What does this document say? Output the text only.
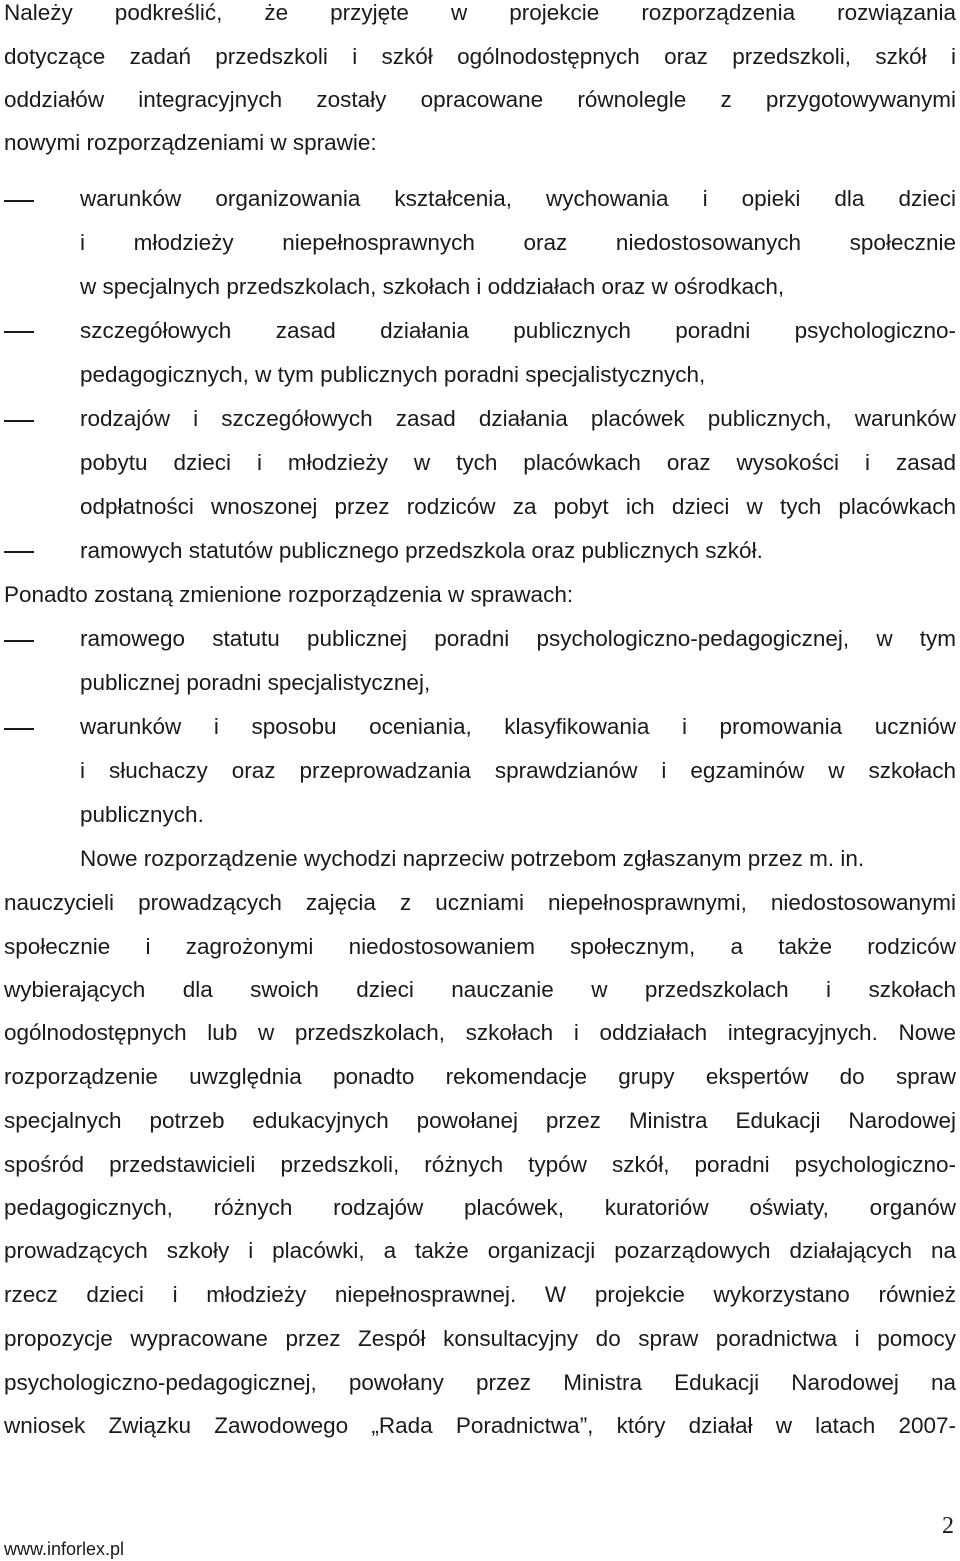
Należy podkreślić, że przyjęte w projekcie rozporządzenia rozwiązania
dotyczące zadań przedszkoli i szkół ogólnodostępnych oraz przedszkoli, szkół i
oddziałów integracyjnych zostały opracowane równolegle z przygotowywanymi
nowymi rozporządzeniami w sprawie:
warunków organizowania kształcenia, wychowania i opieki dla dzieci
i młodzieży niepełnosprawnych oraz niedostosowanych społecznie
w specjalnych przedszkolach, szkołach i oddziałach oraz w ośrodkach,
szczegółowych zasad działania publicznych poradni psychologiczno-
pedagogicznych, w tym publicznych poradni specjalistycznych,
rodzajów i szczegółowych zasad działania placówek publicznych, warunków
pobytu dzieci i młodzieży w tych placówkach oraz wysokości i zasad
odpłatności wnoszonej przez rodziców za pobyt ich dzieci w tych placówkach
ramowych statutów publicznego przedszkola oraz publicznych szkół.
Ponadto zostaną zmienione rozporządzenia w sprawach:
ramowego statutu publicznej poradni psychologiczno-pedagogicznej, w tym
publicznej poradni specjalistycznej,
warunków i sposobu oceniania, klasyfikowania i promowania uczniów
i słuchaczy oraz przeprowadzania sprawdzianów i egzaminów w szkołach
publicznych.
Nowe rozporządzenie wychodzi naprzeciw potrzebom zgłaszanym przez m. in.
nauczycieli prowadzących zajęcia z uczniami niepełnosprawnymi, niedostosowanymi
społecznie i zagrożonymi niedostosowaniem społecznym, a także rodziców
wybierających dla swoich dzieci nauczanie w przedszkolach i szkołach
ogólnodostępnych lub w przedszkolach, szkołach i oddziałach integracyjnych. Nowe
rozporządzenie uwzględnia ponadto rekomendacje grupy ekspertów do spraw
specjalnych potrzeb edukacyjnych powołanej przez Ministra Edukacji Narodowej
spośród przedstawicieli przedszkoli, różnych typów szkół, poradni psychologiczno-
pedagogicznych, różnych rodzajów placówek, kuratoriów oświaty, organów
prowadzących szkoły i placówki, a także organizacji pozarządowych działających na
rzecz dzieci i młodzieży niepełnosprawnej. W projekcie wykorzystano również
propozycje wypracowane przez Zespół konsultacyjny do spraw poradnictwa i pomocy
psychologiczno-pedagogicznej, powołany przez Ministra Edukacji Narodowej na
wniosek Związku Zawodowego „Rada Poradnictwa”, który działał w latach 2007-
www.inforlex.pl
2
